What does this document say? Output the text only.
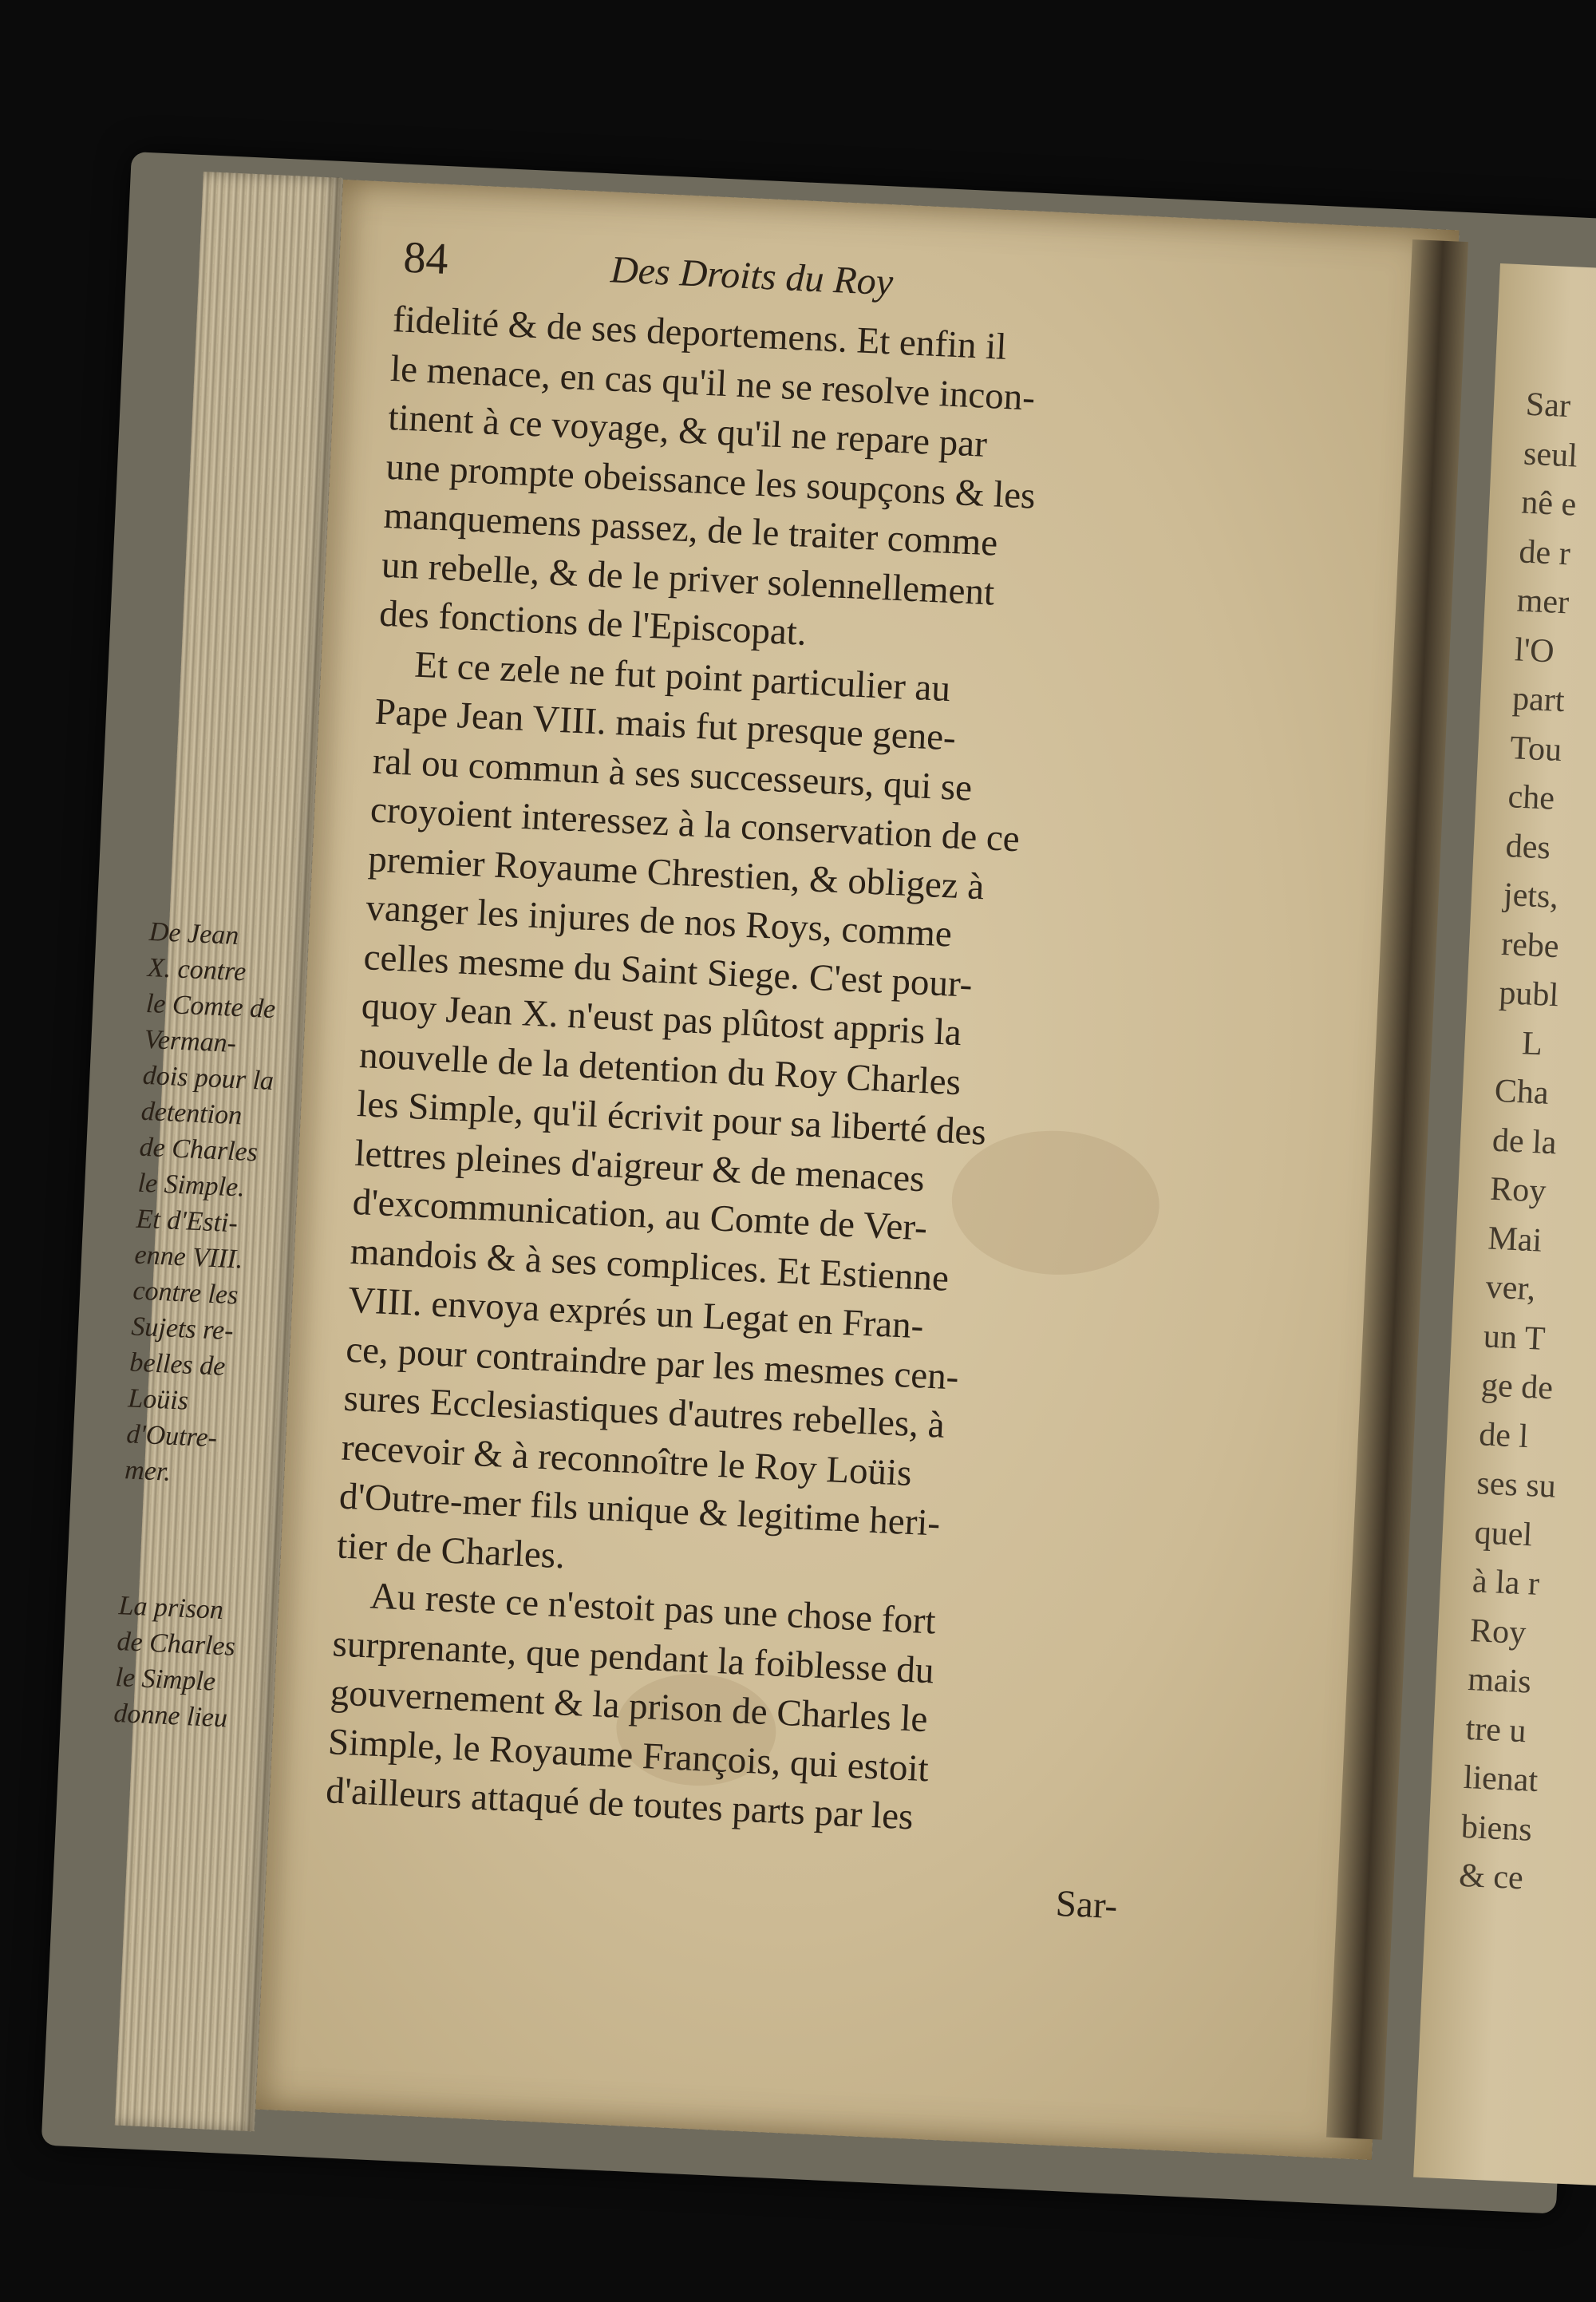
84	Des Droits du Roy
fidelité & de ses deportemens. Et enfin il
le menace, en cas qu'il ne se resolve incon-
tinent à ce voyage, & qu'il ne repare par
une prompte obeissance les soupçons & les
manquemens passez, de le traiter comme
un rebelle, & de le priver solennellement
des fonctions de l'Episcopat.
Et ce zele ne fut point particulier au
Pape Jean VIII. mais fut presque gene-
ral ou commun à ses successeurs, qui se
croyoient interessez à la conservation de ce
premier Royaume Chrestien, & obligez à
vanger les injures de nos Roys, comme
celles mesme du Saint Siege. C'est pour-
quoy Jean X. n'eust pas plûtost appris la
nouvelle de la detention du Roy Charles
les Simple, qu'il écrivit pour sa liberté des
lettres pleines d'aigreur & de menaces
d'excommunication, au Comte de Ver-
mandois & à ses complices. Et Estienne
VIII. envoya exprés un Legat en Fran-
ce, pour contraindre par les mesmes cen-
sures Ecclesiastiques d'autres rebelles, à
recevoir & à reconnoître le Roy Loüis
d'Outre-mer fils unique & legitime heri-
tier de Charles.
Au reste ce n'estoit pas une chose fort
surprenante, que pendant la foiblesse du
gouvernement & la prison de Charles le
Simple, le Royaume François, qui estoit
d'ailleurs attaqué de toutes parts par les
De Jean
X. contre
le Comte de
Verman-
dois pour la
detention
de Charles
le Simple.
Et d'Esti-
enne VIII.
contre les
Sujets re-
belles de
Loüis
d'Outre-
mer.
La prison
de Charles
le Simple
donne lieu

Sar-

Sar
seul
nê e
de r
mer
l'O
part
Tou
che
des
jets,
rebe
publ
L
Cha
de la
Roy
Mai
ver,
un T
ge de
de l
ses su
quel
à la r
Roy
mais
tre u
lienat
biens
& ce
